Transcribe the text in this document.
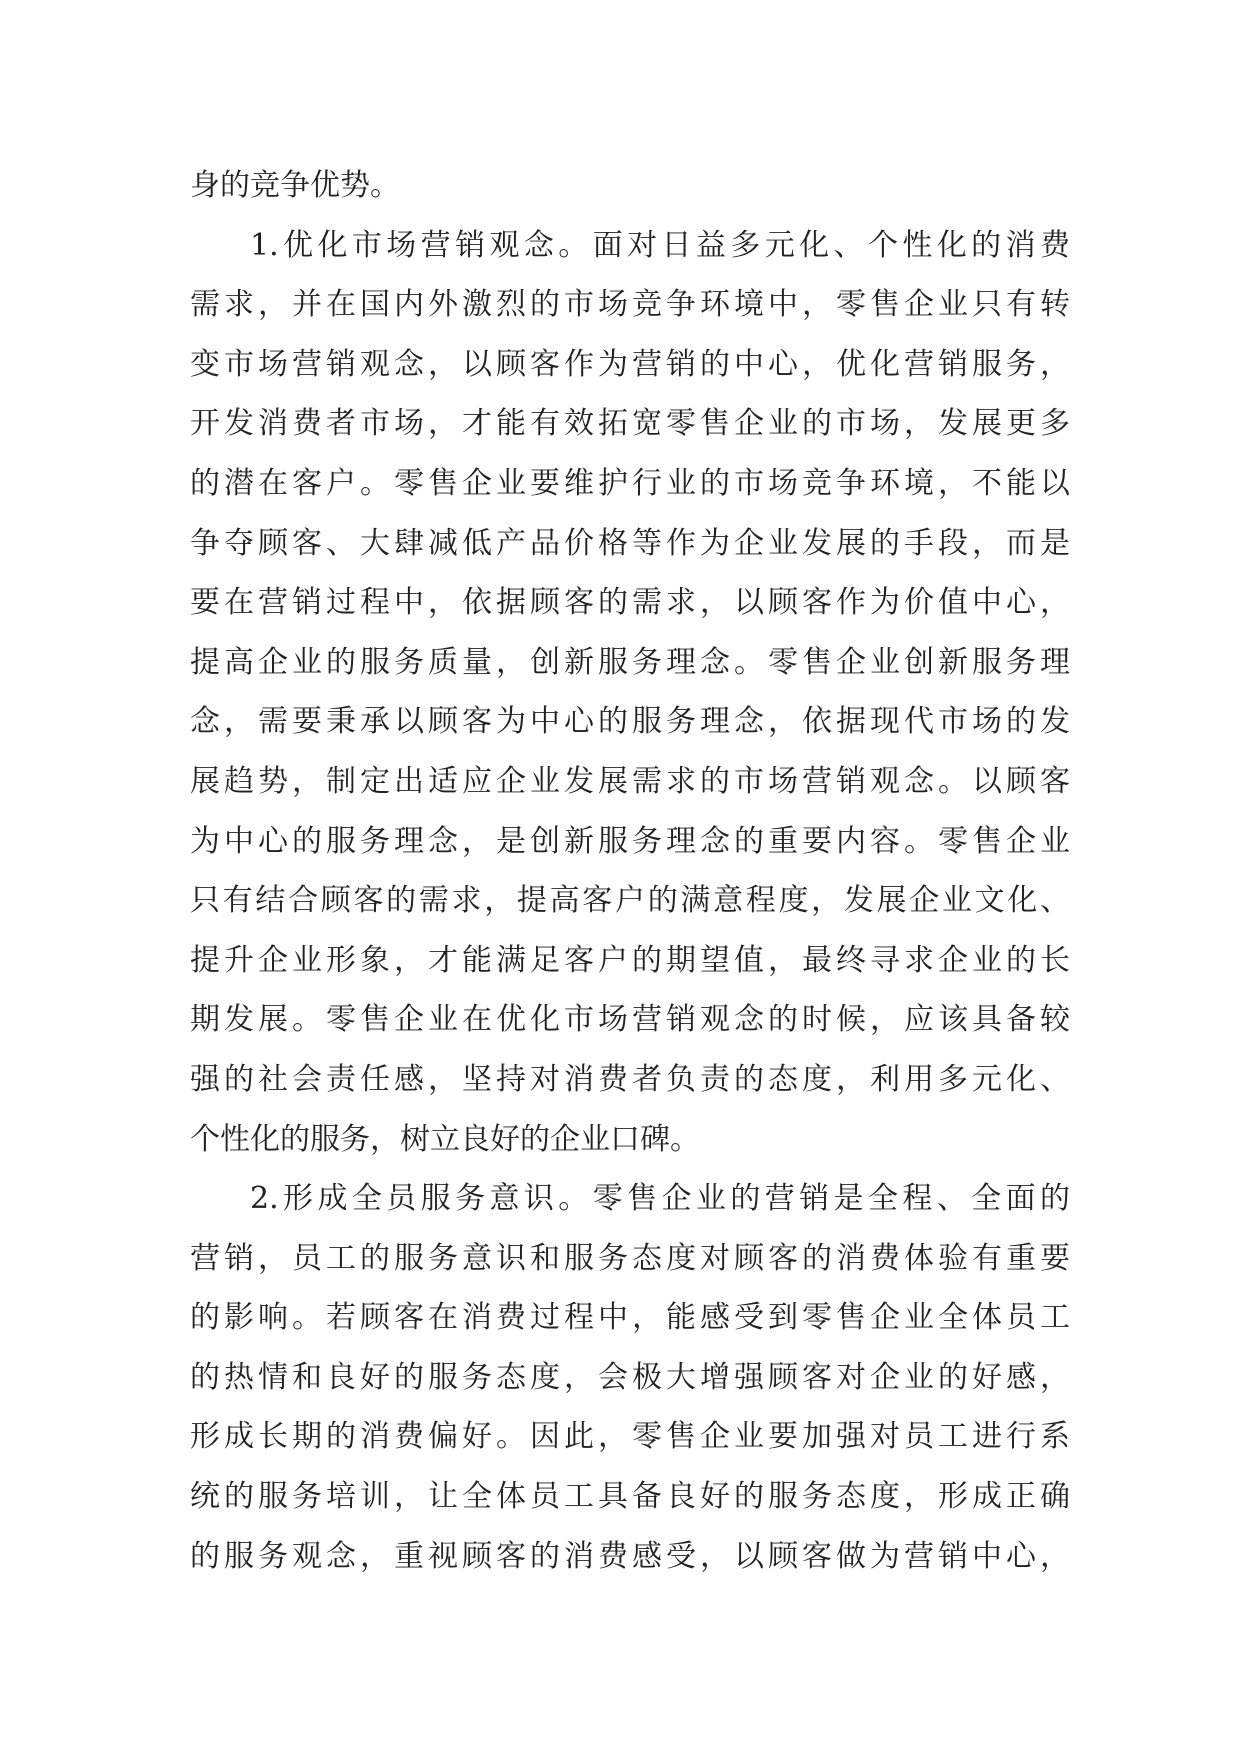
身的竞争优势。
1.优化市场营销观念。面对日益多元化、个性化的消费
需求，并在国内外激烈的市场竞争环境中，零售企业只有转
变市场营销观念，以顾客作为营销的中心，优化营销服务，
开发消费者市场，才能有效拓宽零售企业的市场，发展更多
的潜在客户。零售企业要维护行业的市场竞争环境，不能以
争夺顾客、大肆减低产品价格等作为企业发展的手段，而是
要在营销过程中，依据顾客的需求，以顾客作为价值中心，
提高企业的服务质量，创新服务理念。零售企业创新服务理
念，需要秉承以顾客为中心的服务理念，依据现代市场的发
展趋势，制定出适应企业发展需求的市场营销观念。以顾客
为中心的服务理念，是创新服务理念的重要内容。零售企业
只有结合顾客的需求，提高客户的满意程度，发展企业文化、
提升企业形象，才能满足客户的期望值，最终寻求企业的长
期发展。零售企业在优化市场营销观念的时候，应该具备较
强的社会责任感，坚持对消费者负责的态度，利用多元化、
个性化的服务，树立良好的企业口碑。
2.形成全员服务意识。零售企业的营销是全程、全面的
营销，员工的服务意识和服务态度对顾客的消费体验有重要
的影响。若顾客在消费过程中，能感受到零售企业全体员工
的热情和良好的服务态度，会极大增强顾客对企业的好感，
形成长期的消费偏好。因此，零售企业要加强对员工进行系
统的服务培训，让全体员工具备良好的服务态度，形成正确
的服务观念，重视顾客的消费感受，以顾客做为营销中心，
